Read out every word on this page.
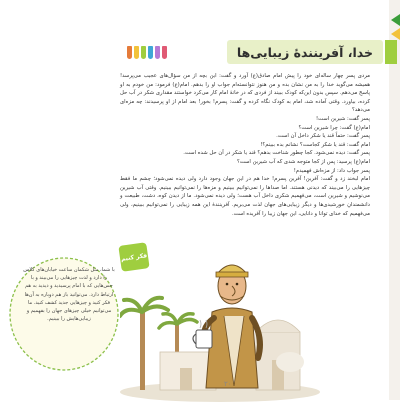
خدا، آفرینندهٔ زیبایی‌ها

مردی پسر چهار ساله‌ای خود را پیش امام صادق(ع) آورد و گفت: این بچه از من سؤال‌های عجیب می‌پرسد! همیشه می‌گوید خدا را به من نشان بده و من هنوز نتوانسته‌ام جواب او را بدهم. امام(ع) فرمود: من خودم به او پاسخ می‌دهم. سپس بدون این‌که کودک ببیند از فردی که در خانهٔ امام کار می‌کرد خواستند مقداری شکر در آب حل کرده، بیاورد. وقتی آماده شد، امام به کودک نگاه کرده و گفت: پسرم! بخور! بعد امام از او پرسیدند: چه مزه‌ای می‌دهد؟

پسر گفت: شیرین است!

امام(ع) گفت: چرا شیرین است؟

پسر گفت: حتماً قند یا شکر داخل آن است.

امام گفت: قند یا شکر کجاست؟ نشانم بده ببینم؟!

پسر گفت: دیده نمی‌شود. کجا چطور شناخت بدهم؟ قند یا شکر در آن حل شده است.

امام(ع) پرسید: پس از کجا متوجه شدی که آب شیرین است؟

پسر جواب داد: از مزه‌اش فهمیدم!

امام لبخند زد و گفت: آفرین! آفرین پسرم! خدا هم در این جهان وجود دارد ولی دیده نمی‌شود؛ چشم ما فقط چیزهایی را می‌بیند که دیدنی هستند. اما صدا‌ها را نمی‌توانیم ببینیم و مزه‌ها را نمی‌توانیم ببینیم. وقتی آب شیرین می‌نوشیم و شیرین است، می‌فهمیم شکری داخل آب هست؛ ولی دیده نمی‌شود. ما از دیدن کوه، دشت، طبیعت و دانشمندانِ خورشیدی‌ها و دیگر زیبایی‌های جهان لذت می‌بریم. آفرینندهٔ این همه زیبایی را نمی‌توانیم ببینیم، ولی می‌فهمیم که خدای توانا و دانایی، این جهان زیبا را آفریده است.

با شما، مثل شکمان ساعت خیابان‌های کلاس را دارد و لذت چیزهایی را می‌بیند و با حس‌هایی که با امام پرسیدید و دیدید به هم ارتباط دارد. می‌توانید باز هم دوباره به آن‌ها فکر کنید و چیزهایی جدید کشف کنید. ما می‌توانیم خیلی چیزهای جهان را بفهمیم و زیبایی‌هایش را ببینیم.
فکر کنیم
۲۰
